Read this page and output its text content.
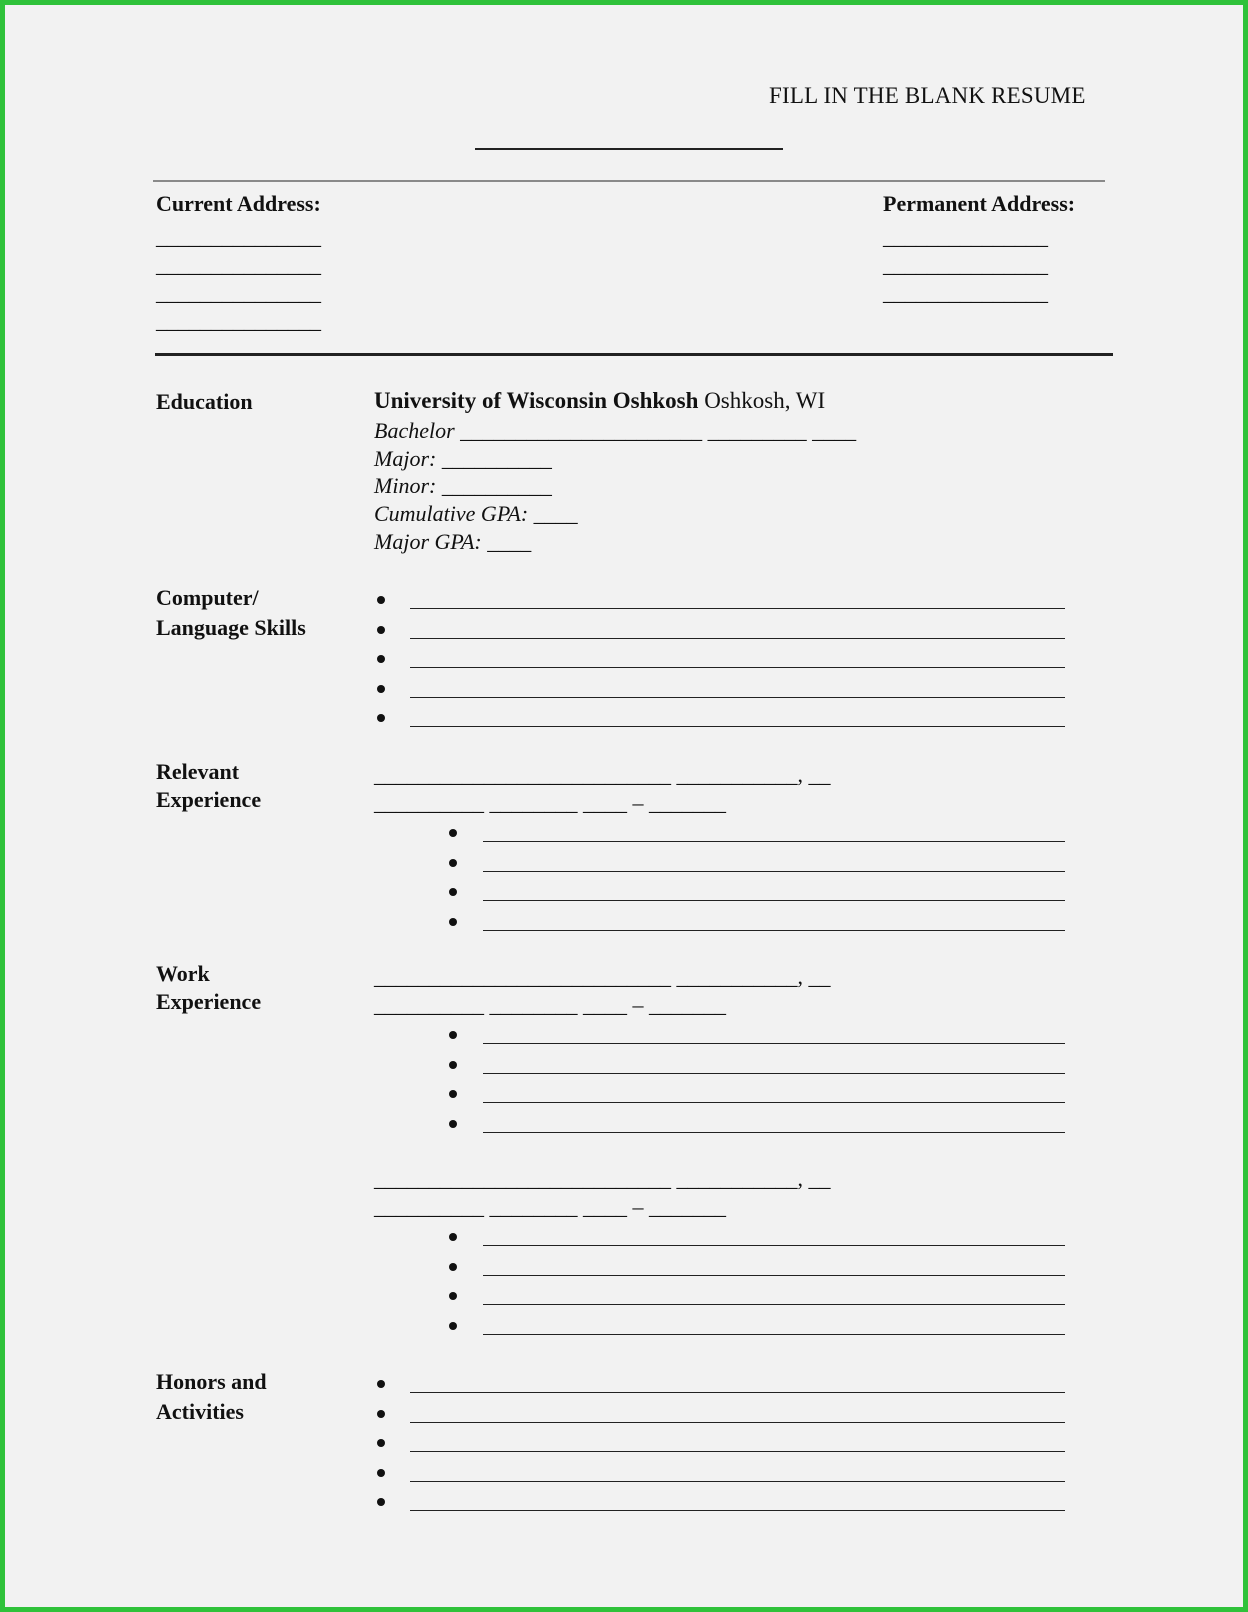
FILL IN THE BLANK RESUME
Current Address:	Permanent Address:
_______________
_______________
_______________
_______________
_______________
_______________
_______________
Education	University of Wisconsin Oshkosh Oshkosh, WI
Bachelor ______________________ _________ ____
Major: __________
Minor: __________
Cumulative GPA: ____
Major GPA: ____
Computer/
Language Skills
Relevant
Experience
___________________________ ___________, __
__________ ________ ____ – _______
Work
Experience
___________________________ ___________, __
__________ ________ ____ – _______
___________________________ ___________, __
__________ ________ ____ – _______
Honors and
Activities
